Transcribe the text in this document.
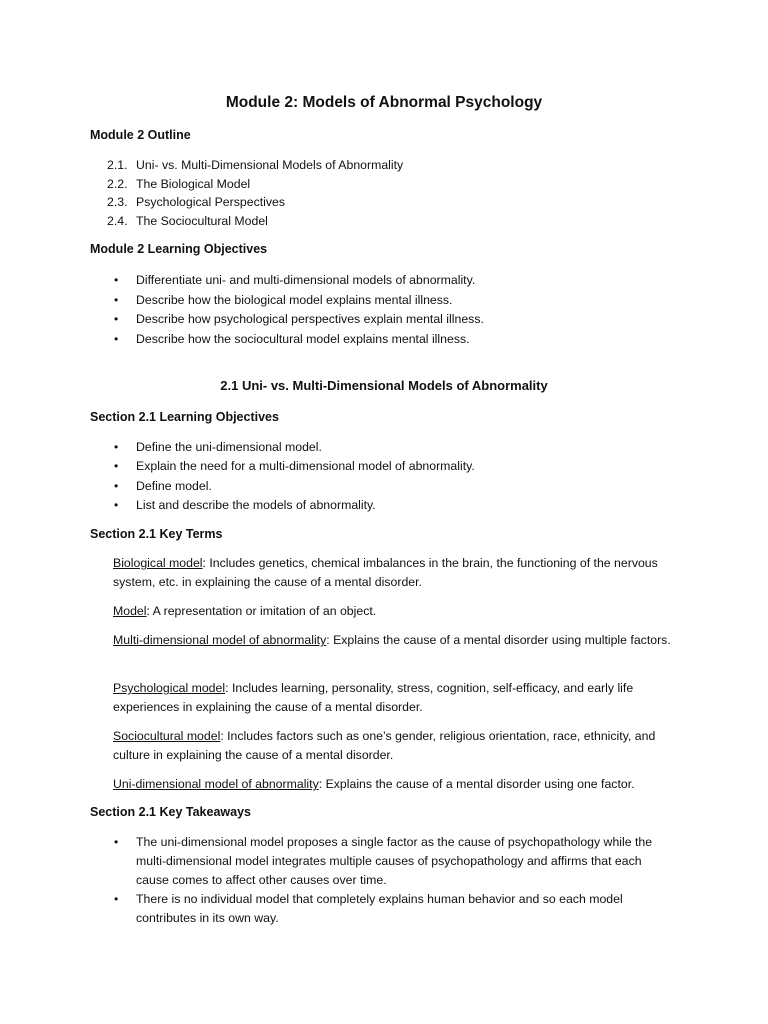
Module 2: Models of Abnormal Psychology
Module 2 Outline
2.1. Uni- vs. Multi-Dimensional Models of Abnormality
2.2. The Biological Model
2.3. Psychological Perspectives
2.4. The Sociocultural Model
Module 2 Learning Objectives
• Differentiate uni- and multi-dimensional models of abnormality.
• Describe how the biological model explains mental illness.
• Describe how psychological perspectives explain mental illness.
• Describe how the sociocultural model explains mental illness.
2.1 Uni- vs. Multi-Dimensional Models of Abnormality
Section 2.1 Learning Objectives
• Define the uni-dimensional model.
• Explain the need for a multi-dimensional model of abnormality.
• Define model.
• List and describe the models of abnormality.
Section 2.1 Key Terms

Biological model: Includes genetics, chemical imbalances in the brain, the functioning of the nervous system, etc. in explaining the cause of a mental disorder.

Model: A representation or imitation of an object.

Multi-dimensional model of abnormality: Explains the cause of a mental disorder using multiple factors.

Psychological model: Includes learning, personality, stress, cognition, self-efficacy, and early life experiences in explaining the cause of a mental disorder.

Sociocultural model: Includes factors such as one’s gender, religious orientation, race, ethnicity, and culture in explaining the cause of a mental disorder.

Uni-dimensional model of abnormality: Explains the cause of a mental disorder using one factor.

Section 2.1 Key Takeaways
• The uni-dimensional model proposes a single factor as the cause of psychopathology while the multi-dimensional model integrates multiple causes of psychopathology and affirms that each cause comes to affect other causes over time.
• There is no individual model that completely explains human behavior and so each model contributes in its own way.
